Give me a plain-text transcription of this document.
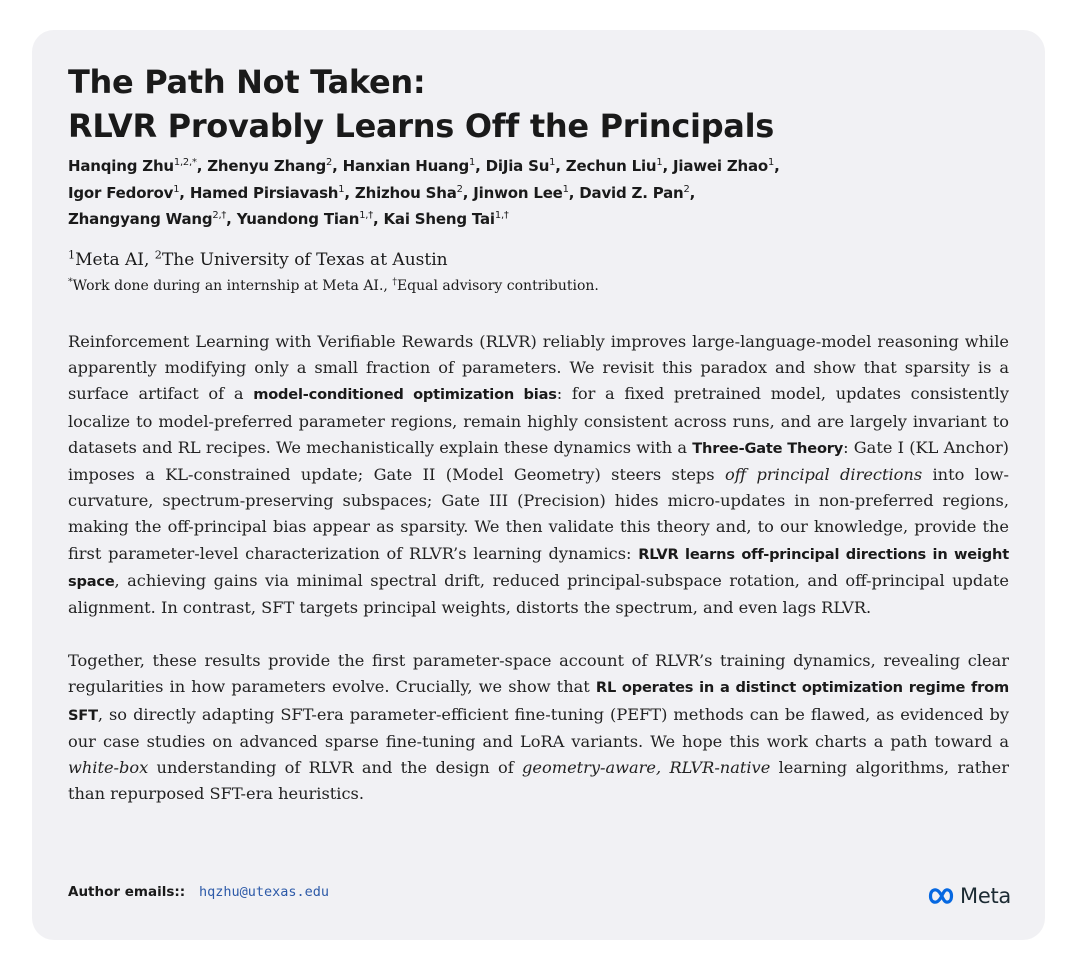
The Path Not Taken:
RLVR Provably Learns Off the Principals
Hanqing Zhu$^{1,2,*}$, Zhenyu Zhang$^2$, Hanxian Huang$^1$, DiJia Su$^1$, Zechun Liu$^1$, Jiawei Zhao$^1$,
Igor Fedorov$^1$, Hamed Pirsiavash$^1$, Zhizhou Sha$^2$, Jinwon Lee$^1$, David Z. Pan$^2$,
Zhangyang Wang$^{2,\dagger}$, Yuandong Tian$^{1,\dagger}$, Kai Sheng Tai$^{1,\dagger}$
$^1$Meta AI, $^2$The University of Texas at Austin
*Work done during an internship at Meta AI., †Equal advisory contribution.

Reinforcement Learning with Verifiable Rewards (RLVR) reliably improves large-language-model reasoning while apparently modifying only a small fraction of parameters. We revisit this paradox and show that sparsity is a surface artifact of a model-conditioned optimization bias: for a fixed pretrained model, updates consistently localize to model-preferred parameter regions, remain highly consistent across runs, and are largely invariant to datasets and RL recipes. We mechanistically explain these dynamics with a Three-Gate Theory: Gate I (KL Anchor) imposes a KL-constrained update; Gate II (Model Geometry) steers steps off principal directions into low-curvature, spectrum-preserving subspaces; Gate III (Precision) hides micro-updates in non-preferred regions, making the off-principal bias appear as sparsity. We then validate this theory and, to our knowledge, provide the first parameter-level characterization of RLVR’s learning dynamics: RLVR learns off-principal directions in weight space, achieving gains via minimal spectral drift, reduced principal-subspace rotation, and off-principal update alignment. In contrast, SFT targets principal weights, distorts the spectrum, and even lags RLVR.

Together, these results provide the first parameter-space account of RLVR’s training dynamics, revealing clear regularities in how parameters evolve. Crucially, we show that RL operates in a distinct optimization regime from SFT, so directly adapting SFT-era parameter-efficient fine-tuning (PEFT) methods can be flawed, as evidenced by our case studies on advanced sparse fine-tuning and LoRA variants. We hope this work charts a path toward a white-box understanding of RLVR and the design of geometry-aware, RLVR-native learning algorithms, rather than repurposed SFT-era heuristics.

Author emails:: hqzhu@utexas.edu	Meta
